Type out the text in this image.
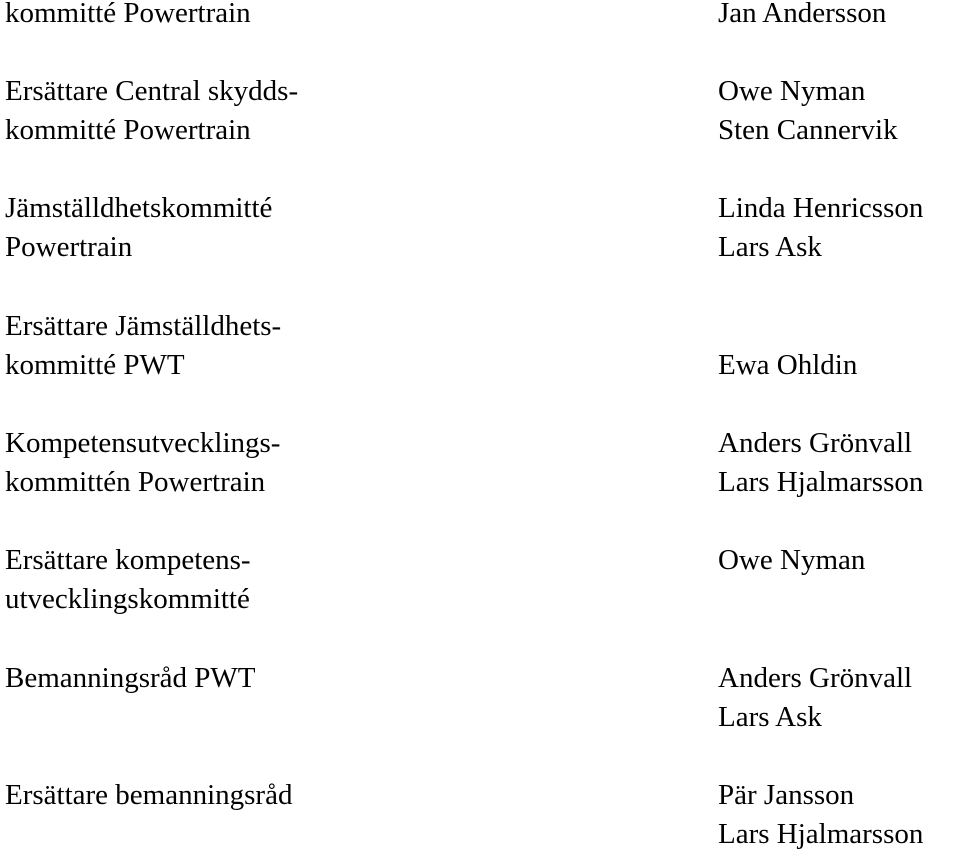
kommitté Powertrain
Ersättare Central skydds-
kommitté Powertrain
Jämställdhetskommitté
Powertrain
Ersättare Jämställdhets-
kommitté PWT
Kompetensutvecklings-
kommittén Powertrain
Ersättare kompetens-
utvecklingskommitté
Bemanningsråd PWT
Ersättare bemanningsråd
Jan Andersson
Owe Nyman
Sten Cannervik
Linda Henricsson
Lars Ask
Ewa Ohldin
Anders Grönvall
Lars Hjalmarsson
Owe Nyman
Anders Grönvall
Lars Ask
Pär Jansson
Lars Hjalmarsson
